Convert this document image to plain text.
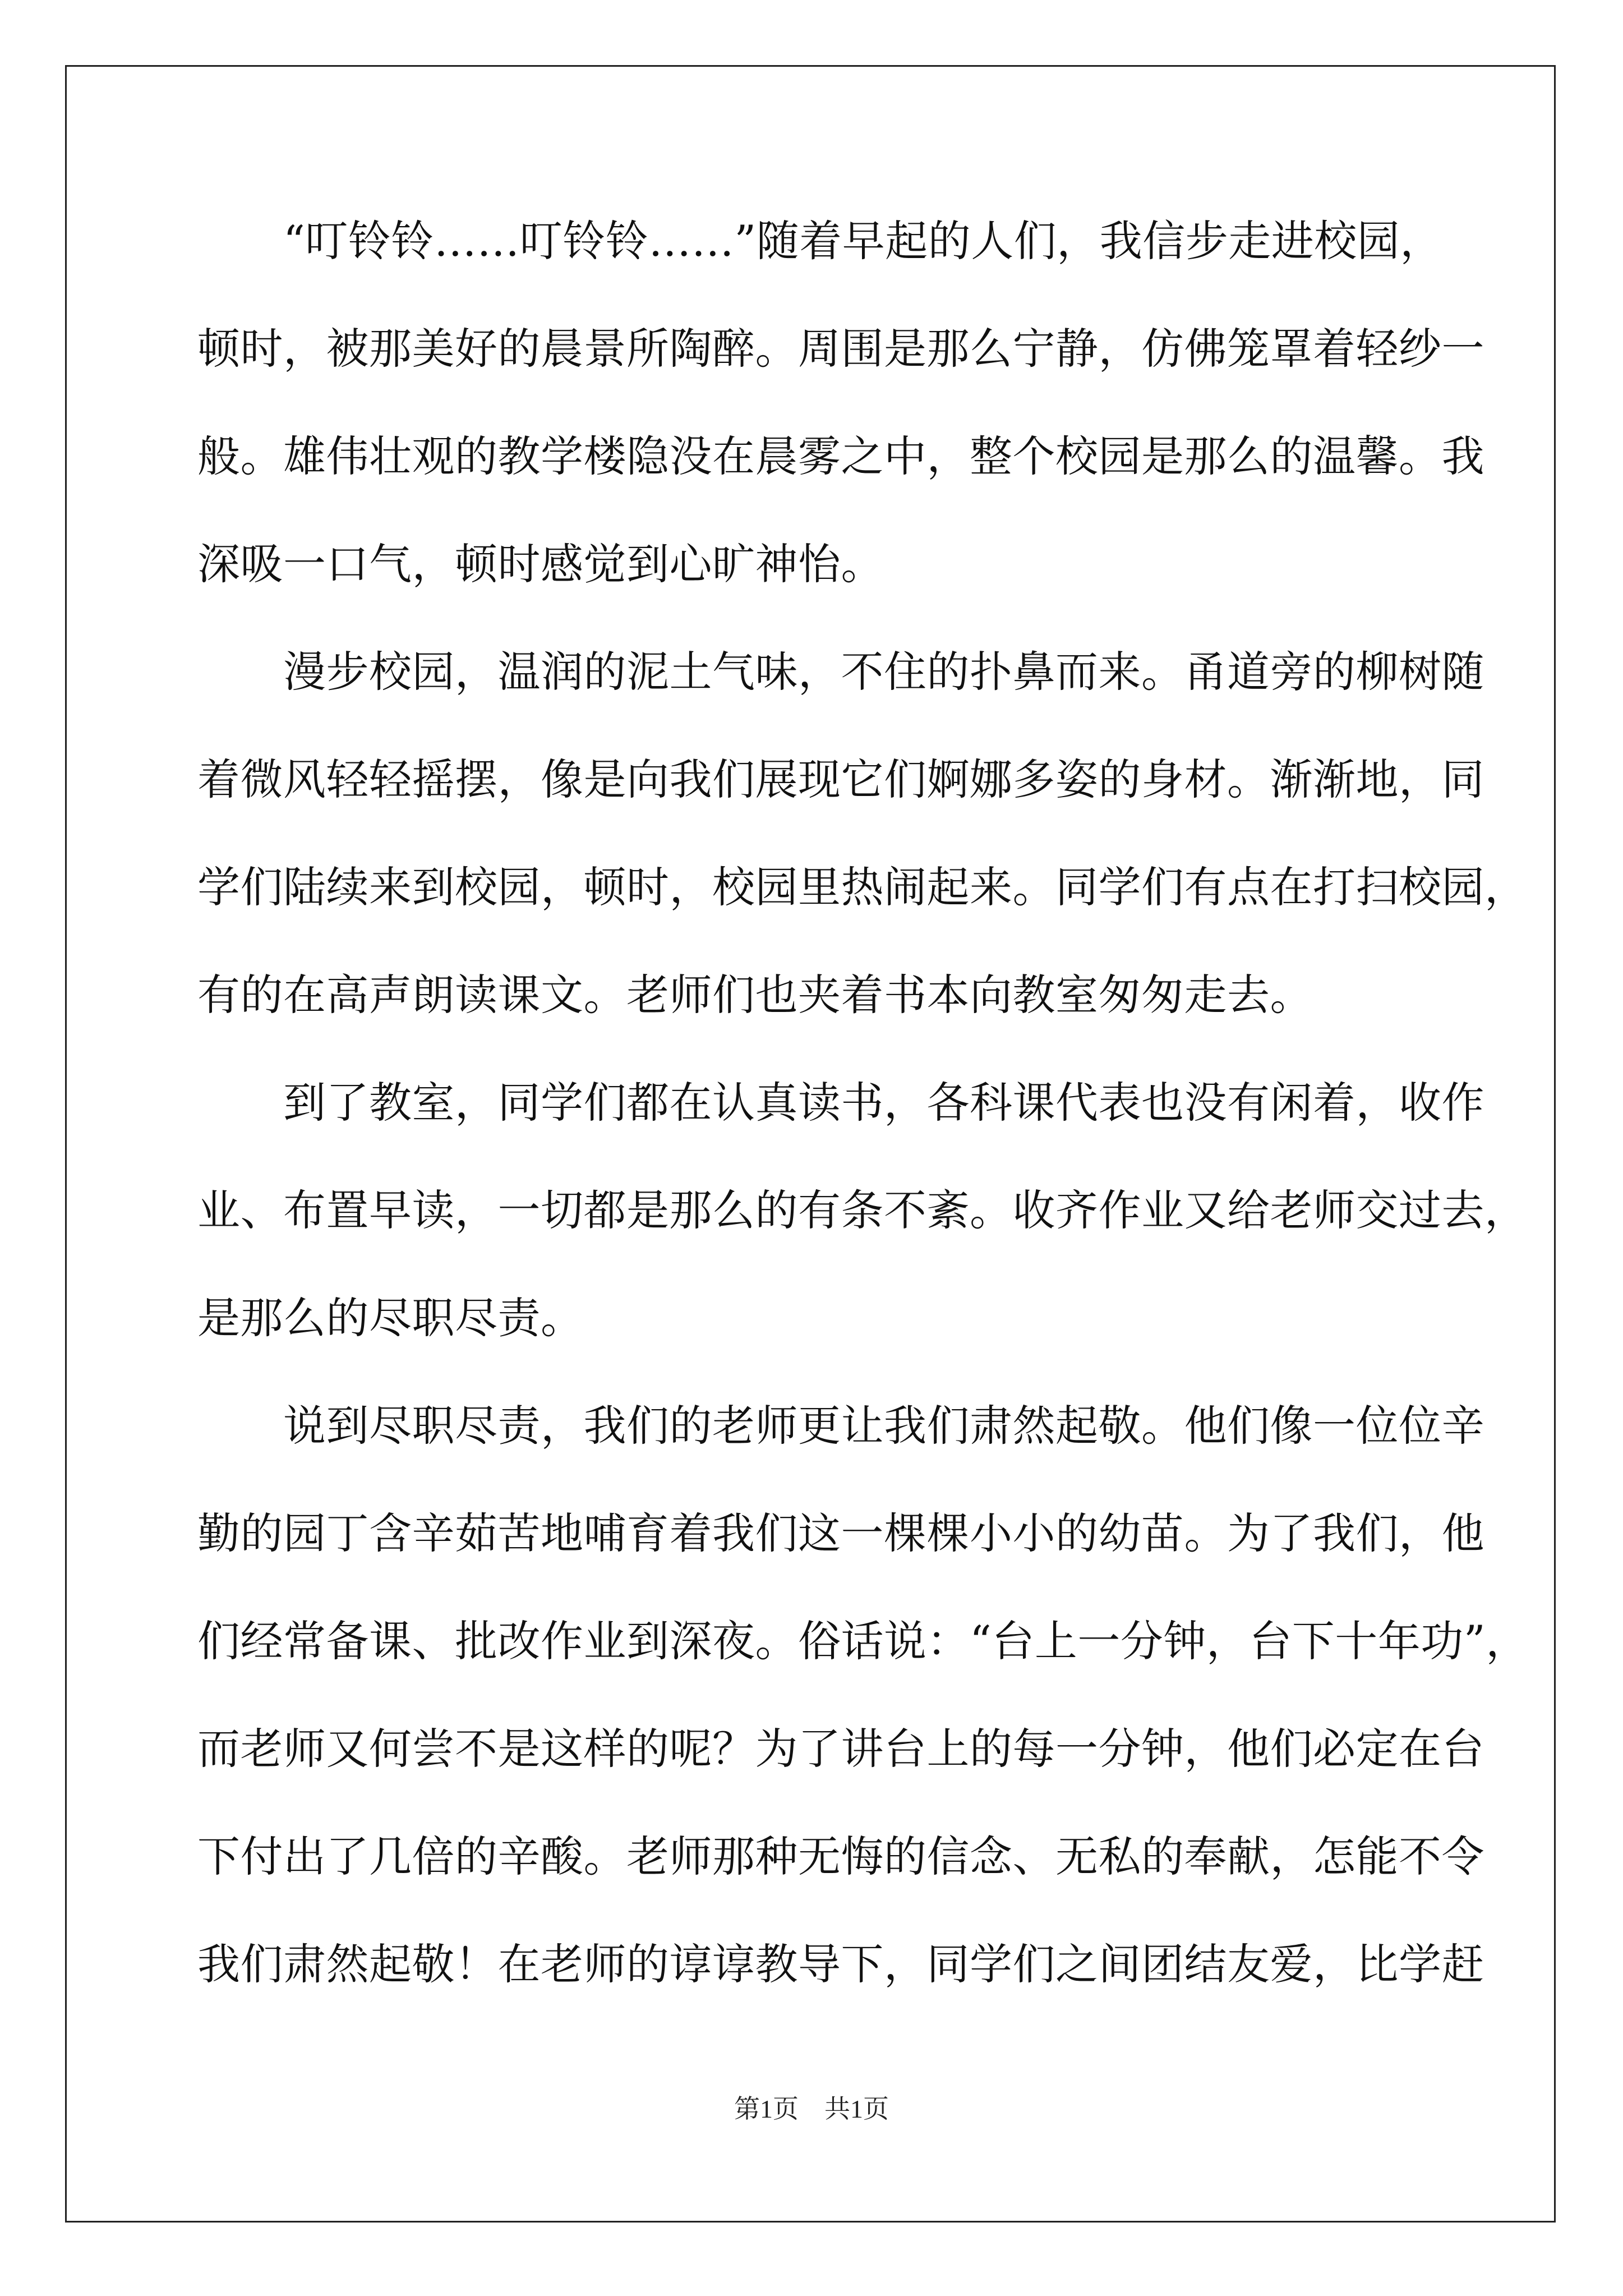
　　“叮铃铃……叮铃铃……”随着早起的人们，我信步走进校园，
顿时，被那美好的晨景所陶醉。周围是那么宁静，仿佛笼罩着轻纱一
般。雄伟壮观的教学楼隐没在晨雾之中，整个校园是那么的温馨。我
深吸一口气，顿时感觉到心旷神怡。
　　漫步校园，温润的泥土气味，不住的扑鼻而来。甬道旁的柳树随
着微风轻轻摇摆，像是向我们展现它们婀娜多姿的身材。渐渐地，同
学们陆续来到校园，顿时，校园里热闹起来。同学们有点在打扫校园，
有的在高声朗读课文。老师们也夹着书本向教室匆匆走去。
　　到了教室，同学们都在认真读书，各科课代表也没有闲着，收作
业、布置早读，一切都是那么的有条不紊。收齐作业又给老师交过去，
是那么的尽职尽责。
　　说到尽职尽责，我们的老师更让我们肃然起敬。他们像一位位辛
勤的园丁含辛茹苦地哺育着我们这一棵棵小小的幼苗。为了我们，他
们经常备课、批改作业到深夜。俗话说：“台上一分钟，台下十年功”，
而老师又何尝不是这样的呢？为了讲台上的每一分钟，他们必定在台
下付出了几倍的辛酸。老师那种无悔的信念、无私的奉献，怎能不令
我们肃然起敬！在老师的谆谆教导下，同学们之间团结友爱，比学赶
第1页 共1页
